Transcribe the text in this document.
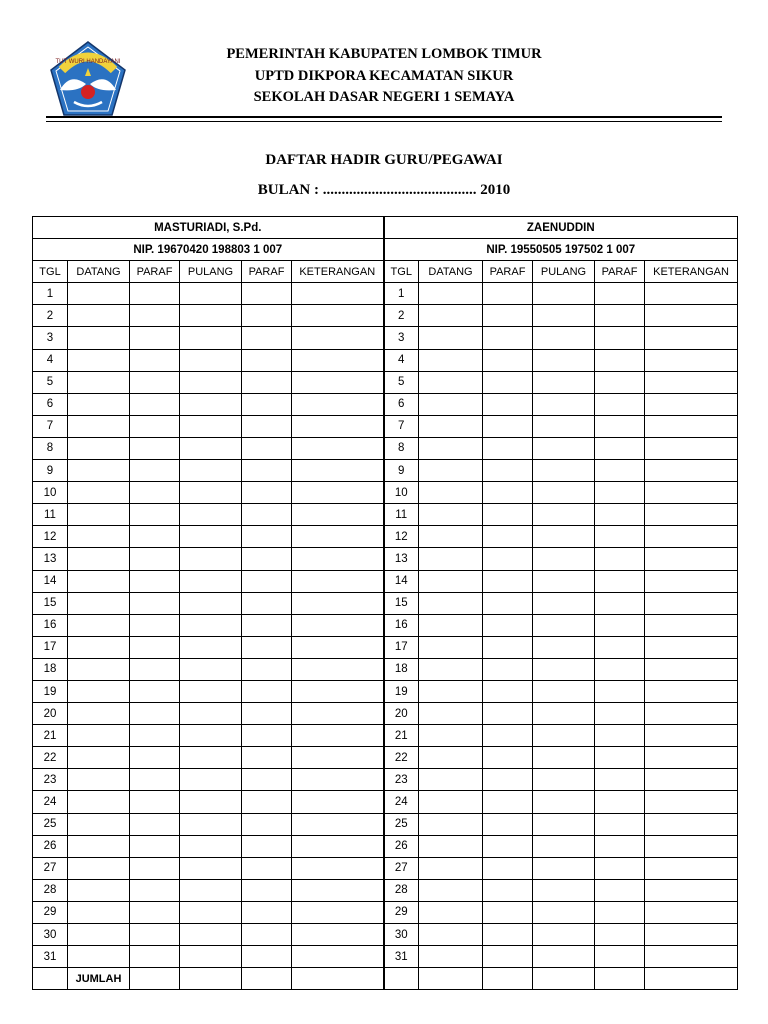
TUT WURI HANDAYANI	PEMERINTAH KABUPATEN LOMBOK TIMUR
UPTD DIKPORA KECAMATAN SIKUR
SEKOLAH DASAR NEGERI 1 SEMAYA
DAFTAR HADIR GURU/PEGAWAI
BULAN : ......................................... 2010
MASTURIADI, S.Pd.						ZAENUDDIN					
NIP. 19670420 198803 1 007						NIP. 19550505 197502 1 007					
TGL	DATANG	PARAF	PULANG	PARAF	KETERANGAN	TGL	DATANG	PARAF	PULANG	PARAF	KETERANGAN
1						1					
2						2					
3						3					
4						4					
5						5					
6						6					
7						7					
8						8					
9						9					
10						10					
11						11					
12						12					
13						13					
14						14					
15						15					
16						16					
17						17					
18						18					
19						19					
20						20					
21						21					
22						22					
23						23					
24						24					
25						25					
26						26					
27						27					
28						28					
29						29					
30						30					
31						31					
	JUMLAH										
